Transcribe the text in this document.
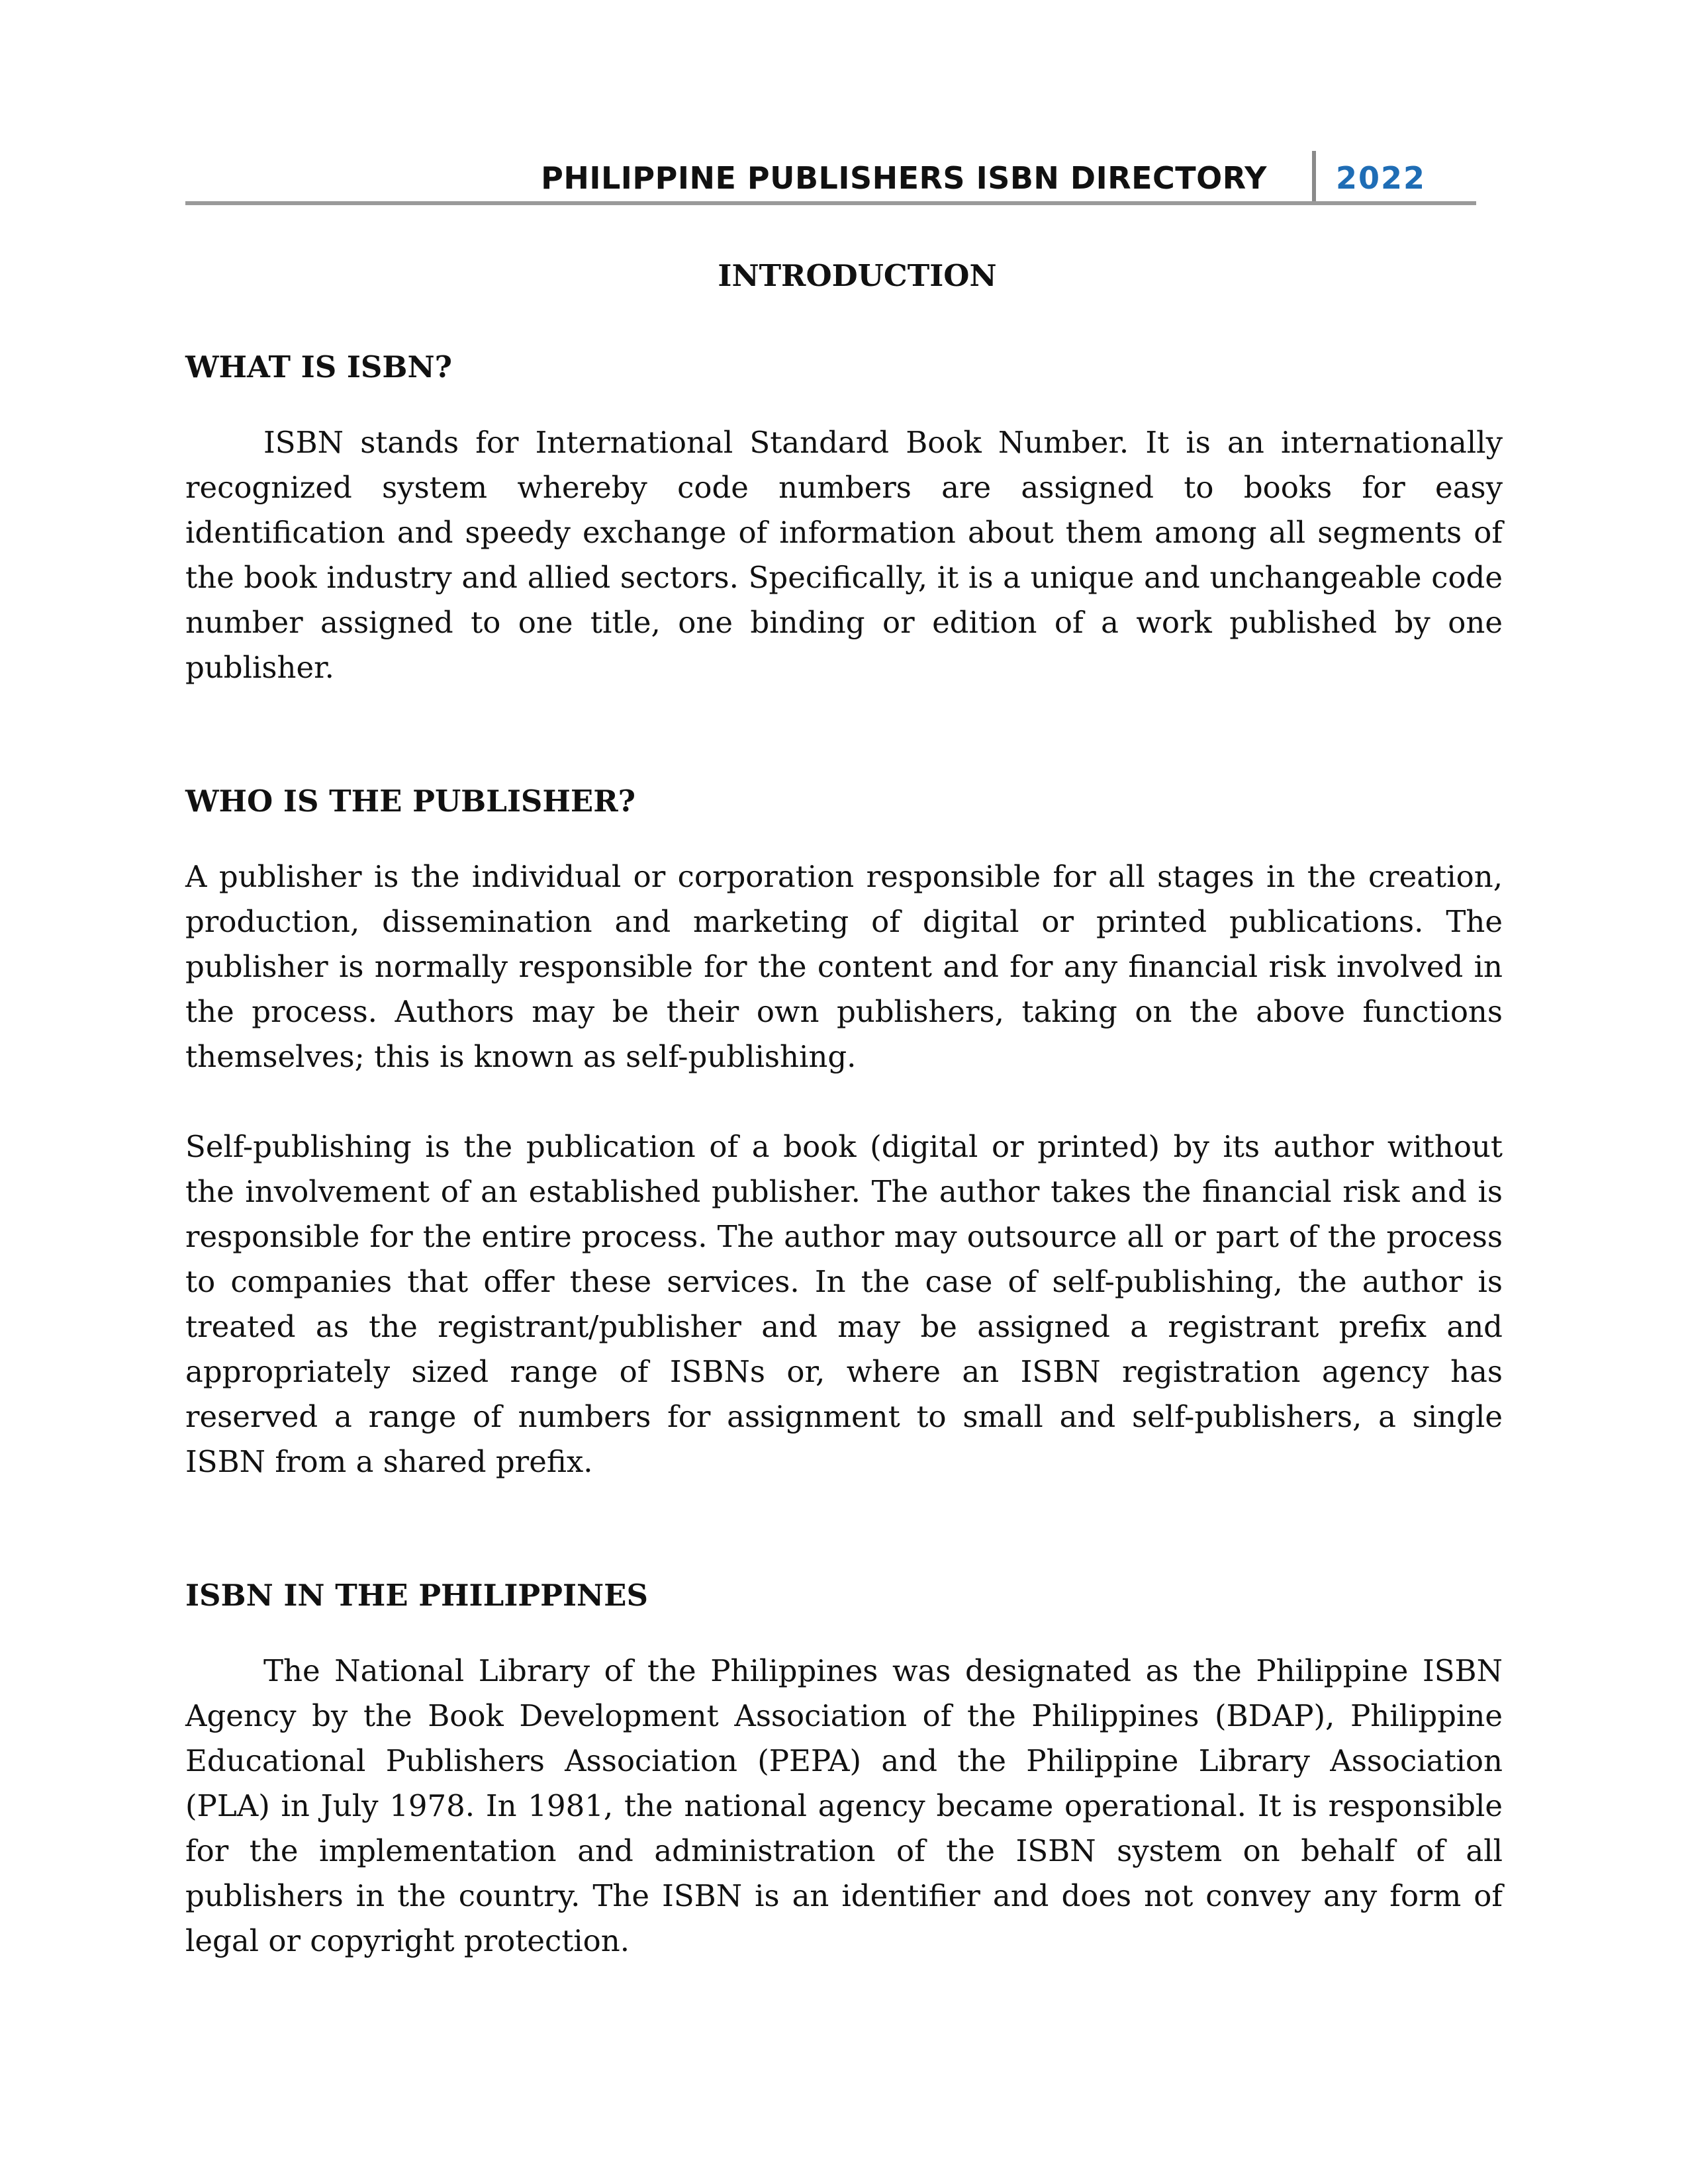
PHILIPPINE PUBLISHERS ISBN DIRECTORY 2022
INTRODUCTION
WHAT IS ISBN?

ISBN stands for International Standard Book Number. It is an internationally recognized system whereby code numbers are assigned to books for easy identification and speedy exchange of information about them among all segments of the book industry and allied sectors. Specifically, it is a unique and unchangeable code number assigned to one title, one binding or edition of a work published by one publisher.

WHO IS THE PUBLISHER?

A publisher is the individual or corporation responsible for all stages in the creation, production, dissemination and marketing of digital or printed publications. The publisher is normally responsible for the content and for any financial risk involved in the process. Authors may be their own publishers, taking on the above functions themselves; this is known as self-publishing.

Self-publishing is the publication of a book (digital or printed) by its author without the involvement of an established publisher. The author takes the financial risk and is responsible for the entire process. The author may outsource all or part of the process to companies that offer these services. In the case of self-publishing, the author is treated as the registrant/publisher and may be assigned a registrant prefix and appropriately sized range of ISBNs or, where an ISBN registration agency has reserved a range of numbers for assignment to small and self-publishers, a single ISBN from a shared prefix.

ISBN IN THE PHILIPPINES

The National Library of the Philippines was designated as the Philippine ISBN Agency by the Book Development Association of the Philippines (BDAP), Philippine Educational Publishers Association (PEPA) and the Philippine Library Association (PLA) in July 1978. In 1981, the national agency became operational. It is responsible for the implementation and administration of the ISBN system on behalf of all publishers in the country. The ISBN is an identifier and does not convey any form of legal or copyright protection.
